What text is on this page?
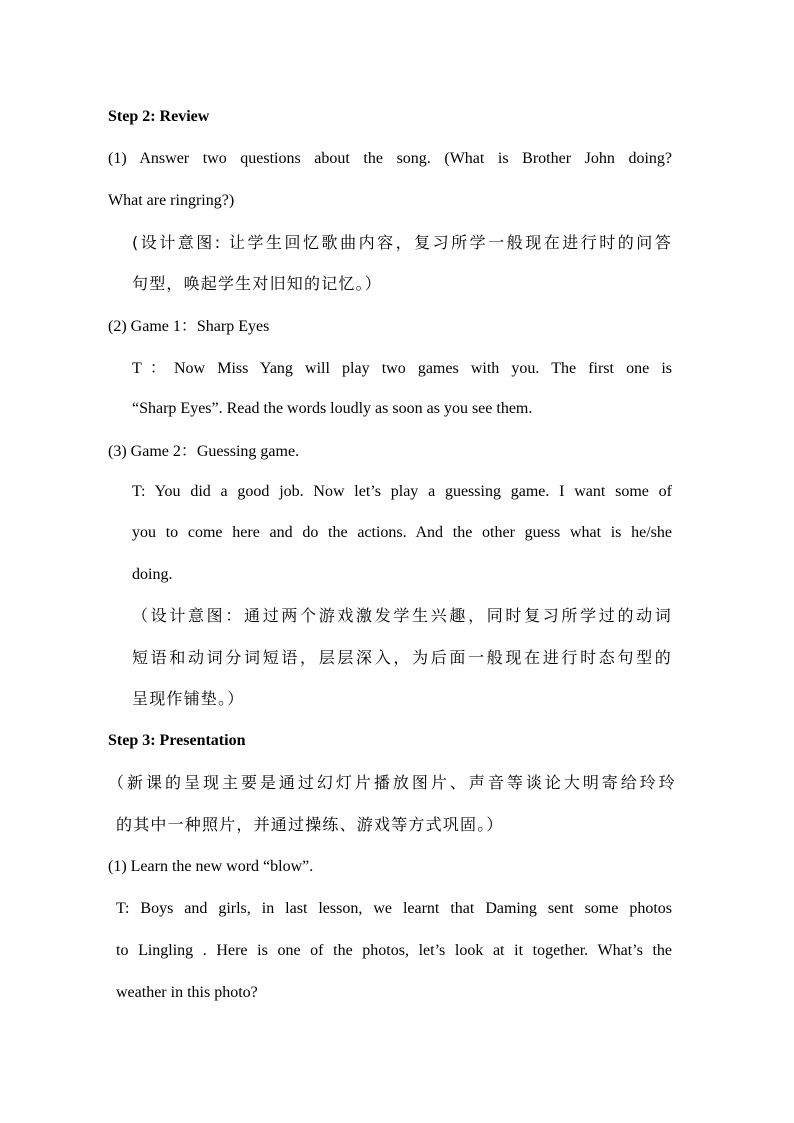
Step 2: Review
(1) Answer two questions about the song. (What is Brother John doing?
What are ringring?)
(设计意图: 让学生回忆歌曲内容，复习所学一般现在进行时的问答
句型，唤起学生对旧知的记忆。）
(2) Game 1：Sharp Eyes
T：Now Miss Yang will play two games with you. The first one is
“Sharp Eyes”. Read the words loudly as soon as you see them.
(3) Game 2：Guessing game.
T: You did a good job. Now let’s play a guessing game. I want some of
you to come here and do the actions. And the other guess what is he/she
doing.
（设计意图：通过两个游戏激发学生兴趣，同时复习所学过的动词
短语和动词分词短语，层层深入，为后面一般现在进行时态句型的
呈现作铺垫。）
Step 3: Presentation
（新课的呈现主要是通过幻灯片播放图片、声音等谈论大明寄给玲玲
的其中一种照片，并通过操练、游戏等方式巩固。）
(1) Learn the new word “blow”.
T: Boys and girls, in last lesson, we learnt that Daming sent some photos
to Lingling . Here is one of the photos, let’s look at it together. What’s the
weather in this photo?
